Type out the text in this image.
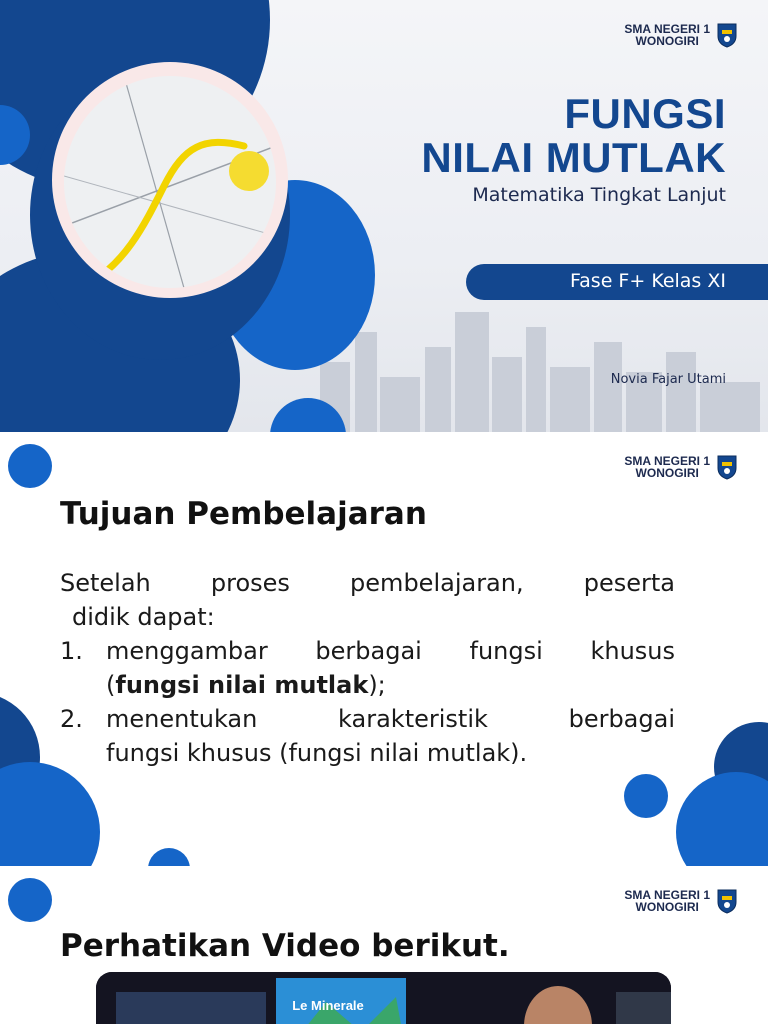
SMA NEGERI 1
WONOGIRI
FUNGSI
NILAI MUTLAK
Matematika Tingkat Lanjut
Fase F+ Kelas XI
Novia Fajar Utami
SMA NEGERI 1
WONOGIRI
Tujuan Pembelajaran
Setelah proses pembelajaran, peserta
didik dapat:
1. menggambar berbagai fungsi khusus
(fungsi nilai mutlak);
2. menentukan karakteristik berbagai
fungsi khusus (fungsi nilai mutlak).
SMA NEGERI 1
WONOGIRI
Perhatikan Video berikut.
Le Minerale
